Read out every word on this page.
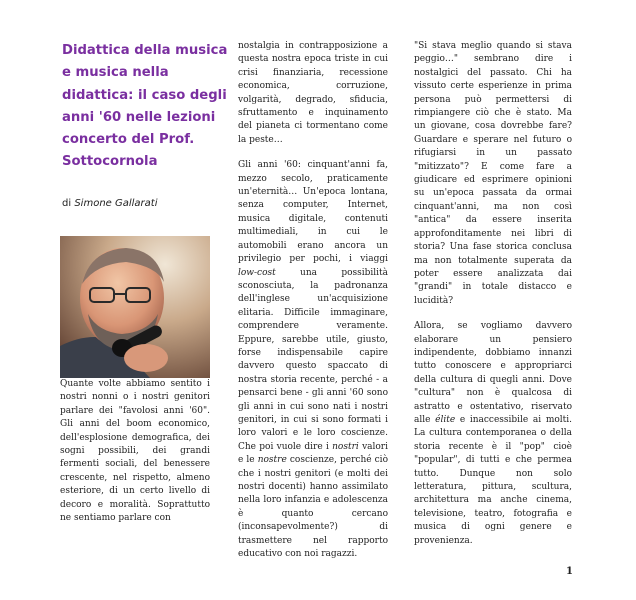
Didattica della musica e musica nella didattica: il caso degli anni '60 nelle lezioni concerto del Prof. Sottocornola
di Simone Gallarati

Quante volte abbiamo sentito i nostri nonni o i nostri genitori parlare dei "favolosi anni '60". Gli anni del boom economico, dell'esplosione demografica, dei sogni possibili, dei grandi fermenti sociali, del benessere crescente, nel rispetto, almeno esteriore, di un certo livello di decoro e moralità. Soprattutto ne sentiamo parlare con

nostalgia in contrapposizione a questa nostra epoca triste in cui crisi finanziaria, recessione economica, corruzione, volgarità, degrado, sfiducia, sfruttamento e inquinamento del pianeta ci tormentano come la peste…

Gli anni '60: cinquant'anni fa, mezzo secolo, praticamente un'eternità… Un'epoca lontana, senza computer, Internet, musica digitale, contenuti multimediali, in cui le automobili erano ancora un privilegio per pochi, i viaggi low-cost una possibilità sconosciuta, la padronanza dell'inglese un'acquisizione elitaria. Difficile immaginare, comprendere veramente. Eppure, sarebbe utile, giusto, forse indispensabile capire davvero questo spaccato di nostra storia recente, perché - a pensarci bene - gli anni '60 sono gli anni in cui sono nati i nostri genitori, in cui si sono formati i loro valori e le loro coscienze. Che poi vuole dire i nostri valori e le nostre coscienze, perché ciò che i nostri genitori (e molti dei nostri docenti) hanno assimilato nella loro infanzia e adolescenza è quanto cercano (inconsapevolmente?) di trasmettere nel rapporto educativo con noi ragazzi.

"Si stava meglio quando si stava peggio…" sembrano dire i nostalgici del passato. Chi ha vissuto certe esperienze in prima persona può permettersi di rimpiangere ciò che è stato. Ma un giovane, cosa dovrebbe fare? Guardare e sperare nel futuro o rifugiarsi in un passato "mitizzato"? E come fare a giudicare ed esprimere opinioni su un'epoca passata da ormai cinquant'anni, ma non così "antica" da essere inserita approfonditamente nei libri di storia? Una fase storica conclusa ma non totalmente superata da poter essere analizzata dai "grandi" in totale distacco e lucidità?

Allora, se vogliamo davvero elaborare un pensiero indipendente, dobbiamo innanzi tutto conoscere e appropriarci della cultura di quegli anni. Dove "cultura" non è qualcosa di astratto e ostentativo, riservato alle élite e inaccessibile ai molti. La cultura contemporanea o della storia recente è il "pop" cioè "popular", di tutti e che permea tutto. Dunque non solo letteratura, pittura, scultura, architettura ma anche cinema, televisione, teatro, fotografia e musica di ogni genere e provenienza.

1
